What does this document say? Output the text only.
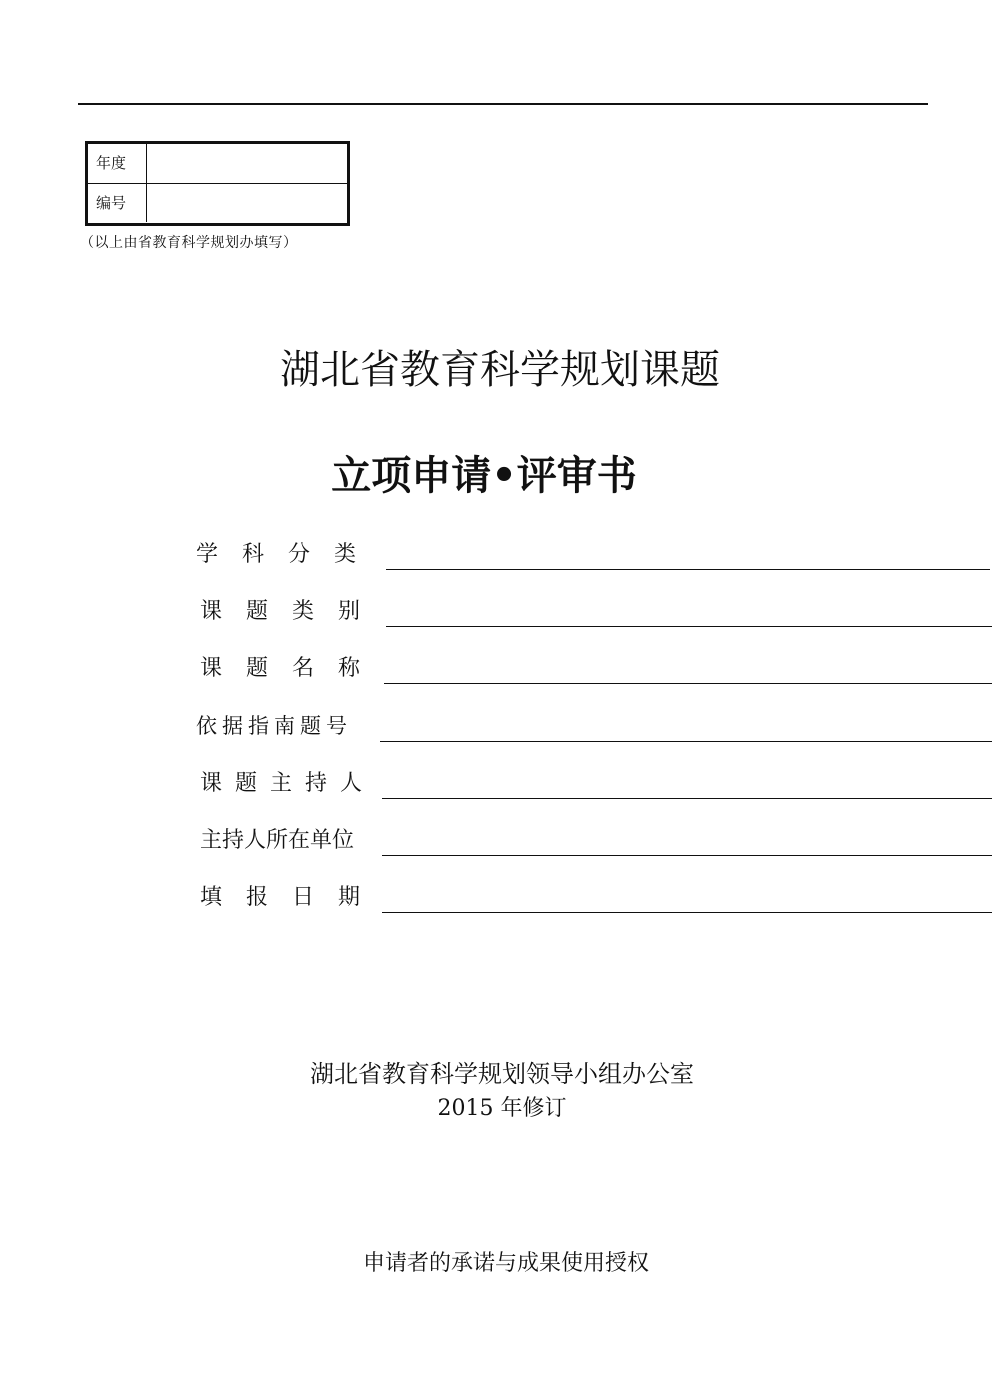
年度
编号
（以上由省教育科学规划办填写）
湖北省教育科学规划课题
立项申请•评审书
学　科　分　类
课　题　类　别
课　题　名　称
依据指南题号
课 题 主 持 人
主持人所在单位
填　报　日　期
湖北省教育科学规划领导小组办公室
2015 年修订
申请者的承诺与成果使用授权
